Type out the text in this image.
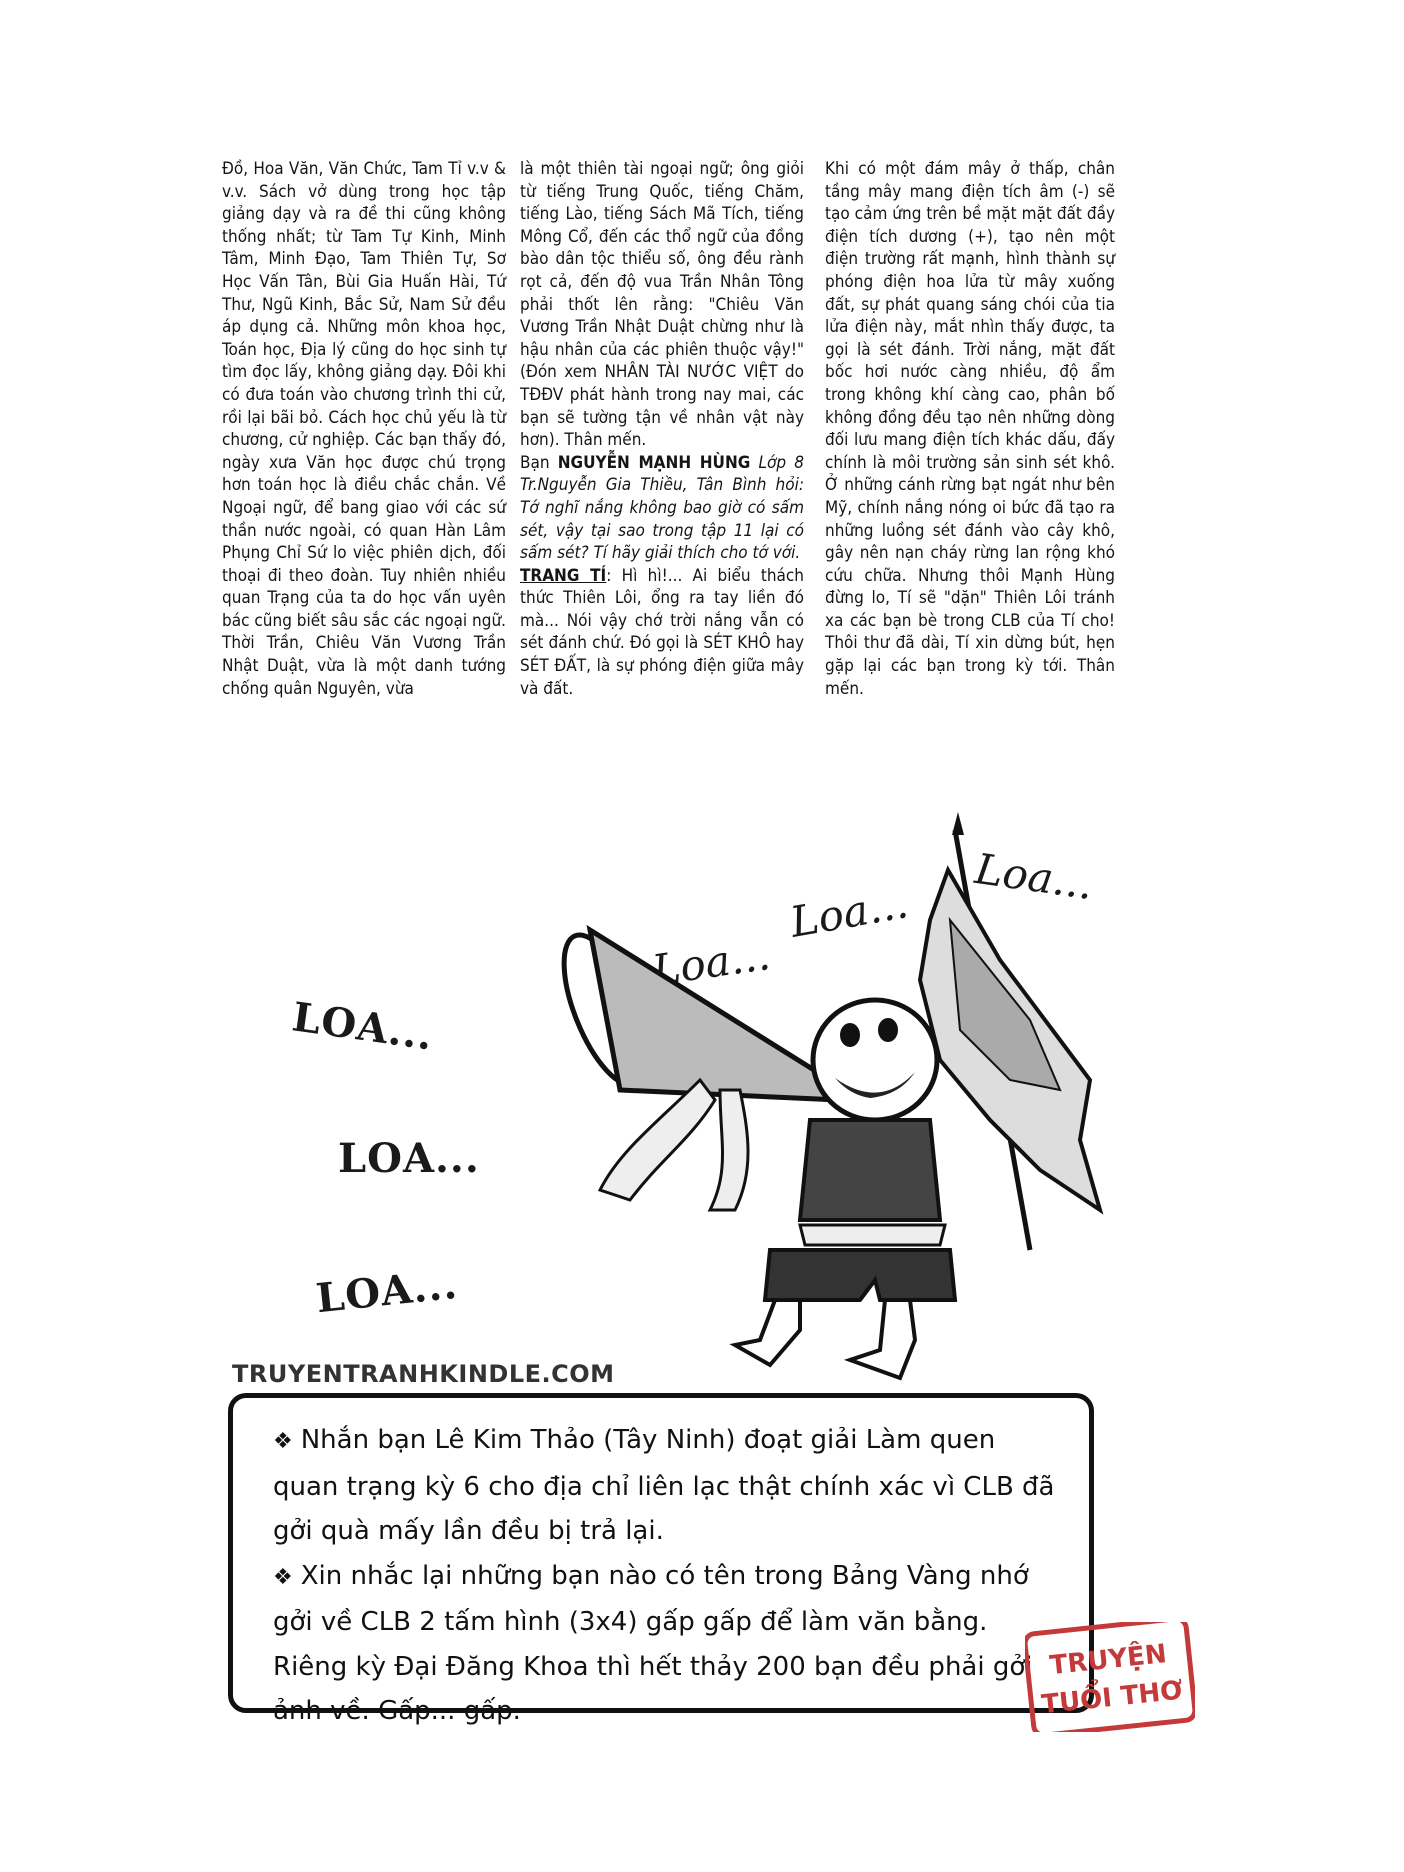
Đồ, Hoa Văn, Văn Chức, Tam Tỉ v.v & v.v. Sách vở dùng trong học tập giảng dạy và ra đề thi cũng không thống nhất; từ Tam Tự Kinh, Minh Tâm, Minh Đạo, Tam Thiên Tự, Sơ Học Vấn Tân, Bùi Gia Huấn Hài, Tứ Thư, Ngũ Kinh, Bắc Sử, Nam Sử đều áp dụng cả. Những môn khoa học, Toán học, Địa lý cũng do học sinh tự tìm đọc lấy, không giảng dạy. Đôi khi có đưa toán vào chương trình thi cử, rồi lại bãi bỏ. Cách học chủ yếu là từ chương, cử nghiệp. Các bạn thấy đó, ngày xưa Văn học được chú trọng hơn toán học là điều chắc chắn. Về Ngoại ngữ, để bang giao với các sứ thần nước ngoài, có quan Hàn Lâm Phụng Chỉ Sứ lo việc phiên dịch, đối thoại đi theo đoàn. Tuy nhiên nhiều quan Trạng của ta do học vấn uyên bác cũng biết sâu sắc các ngoại ngữ. Thời Trần, Chiêu Văn Vương Trần Nhật Duật, vừa là một danh tướng chống quân Nguyên, vừa

là một thiên tài ngoại ngữ; ông giỏi từ tiếng Trung Quốc, tiếng Chăm, tiếng Lào, tiếng Sách Mã Tích, tiếng Mông Cổ, đến các thổ ngữ của đồng bào dân tộc thiểu số, ông đều rành rọt cả, đến độ vua Trần Nhân Tông phải thốt lên rằng: "Chiêu Văn Vương Trần Nhật Duật chừng như là hậu nhân của các phiên thuộc vậy!" (Đón xem NHÂN TÀI NƯỚC VIỆT do TĐĐV phát hành trong nay mai, các bạn sẽ tường tận về nhân vật này hơn). Thân mến.

Bạn NGUYỄN MẠNH HÙNG Lớp 8 Tr.Nguyễn Gia Thiều, Tân Bình hỏi: Tớ nghĩ nắng không bao giờ có sấm sét, vậy tại sao trong tập 11 lại có sấm sét? Tí hãy giải thích cho tớ với.

TRANG TÍ: Hì hì!... Ai biểu thách thức Thiên Lôi, ổng ra tay liền đó mà... Nói vậy chớ trời nắng vẫn có sét đánh chứ. Đó gọi là SÉT KHÔ hay SÉT ĐẤT, là sự phóng điện giữa mây và đất.

Khi có một đám mây ở thấp, chân tầng mây mang điện tích âm (-) sẽ tạo cảm ứng trên bề mặt mặt đất đầy điện tích dương (+), tạo nên một điện trường rất mạnh, hình thành sự phóng điện hoa lửa từ mây xuống đất, sự phát quang sáng chói của tia lửa điện này, mắt nhìn thấy được, ta gọi là sét đánh. Trời nắng, mặt đất bốc hơi nước càng nhiều, độ ẩm trong không khí càng cao, phân bố không đồng đều tạo nên những dòng đối lưu mang điện tích khác dấu, đấy chính là môi trường sản sinh sét khô. Ở những cánh rừng bạt ngát như bên Mỹ, chính nắng nóng oi bức đã tạo ra những luồng sét đánh vào cây khô, gây nên nạn cháy rừng lan rộng khó cứu chữa. Nhưng thôi Mạnh Hùng đừng lo, Tí sẽ "dặn" Thiên Lôi tránh xa các bạn bè trong CLB của Tí cho! Thôi thư đã dài, Tí xin dừng bút, hẹn gặp lại các bạn trong kỳ tới. Thân mến.

LOA...
LOA...
LOA...
Loa...
Loa...
Loa...
TRUYENTRANHKINDLE.COM

❖ Nhắn bạn Lê Kim Thảo (Tây Ninh) đoạt giải Làm quen quan trạng kỳ 6 cho địa chỉ liên lạc thật chính xác vì CLB đã gởi quà mấy lần đều bị trả lại.

❖ Xin nhắc lại những bạn nào có tên trong Bảng Vàng nhớ gởi về CLB 2 tấm hình (3x4) gấp gấp để làm văn bằng. Riêng kỳ Đại Đăng Khoa thì hết thảy 200 bạn đều phải gởi ảnh về. Gấp... gấp.

TRUYỆN
TUỔI THƠ
